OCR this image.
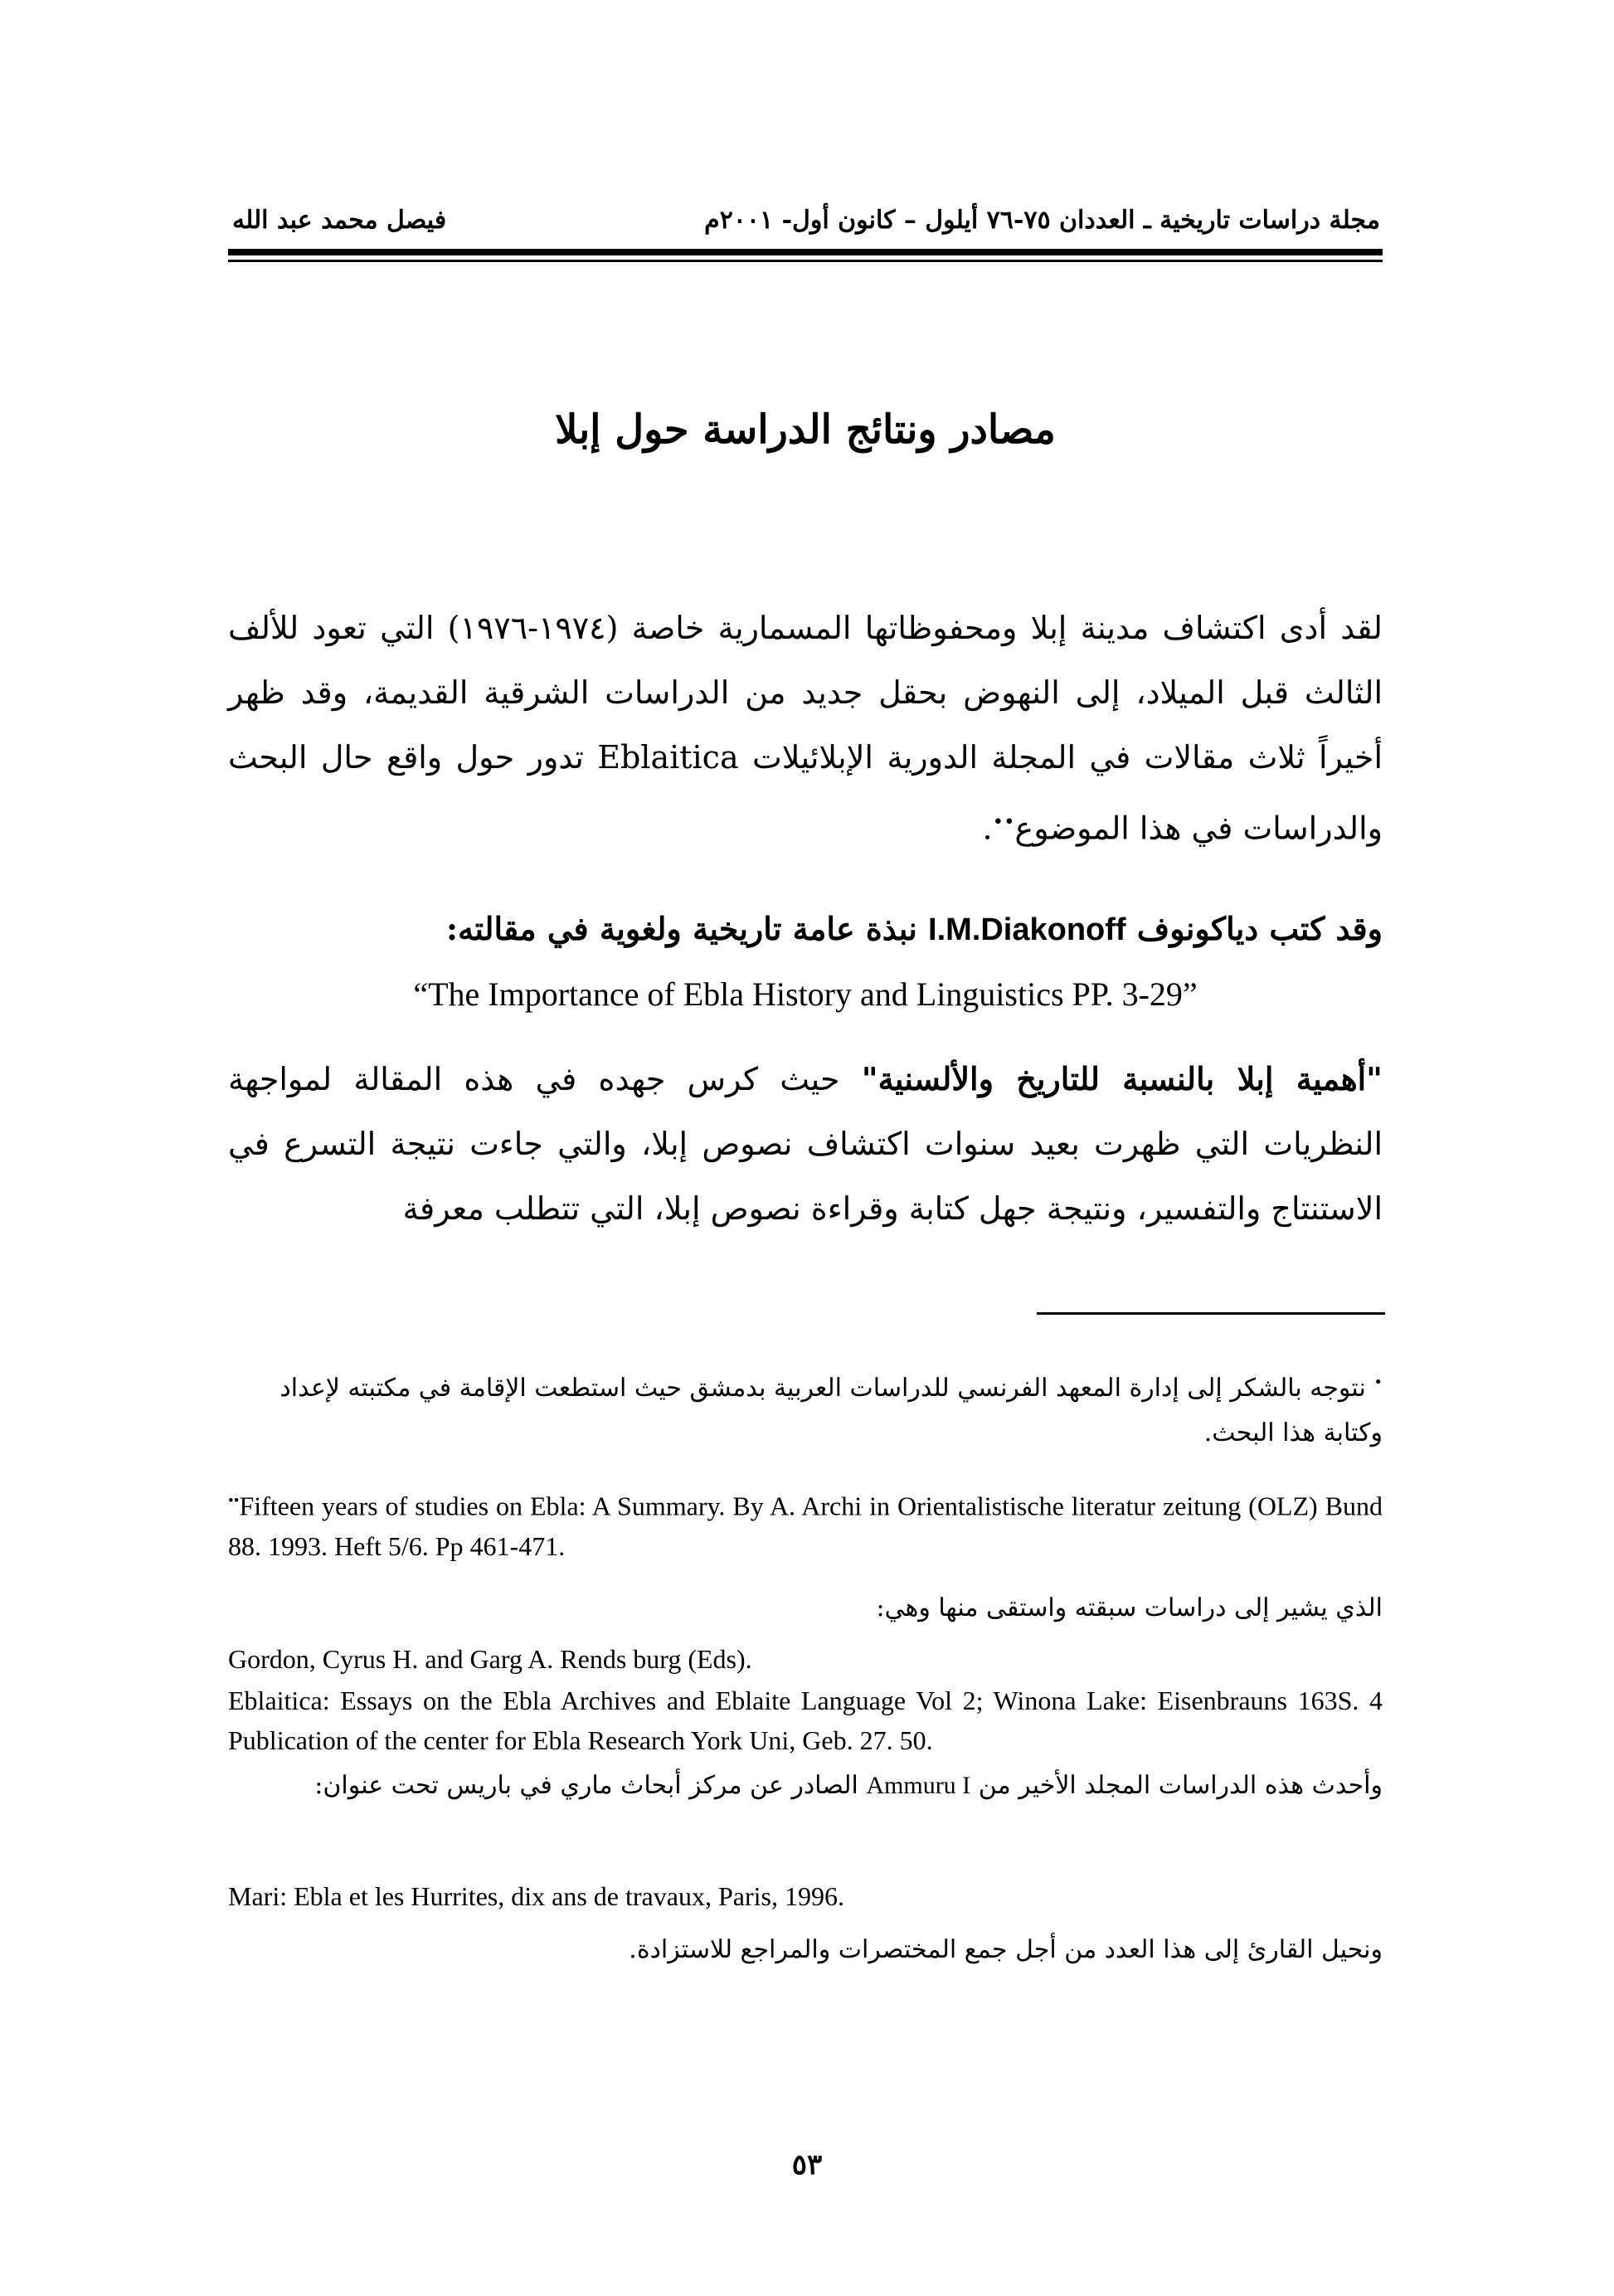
مجلة دراسات تاريخية ـ العددان ٧٥-٧٦ أيلول – كانون أول- ٢٠٠١م
فيصل محمد عبد الله
مصادر ونتائج الدراسة حول إبلا
لقد أدى اكتشاف مدينة إبلا ومحفوظاتها المسمارية خاصة (١٩٧٤-١٩٧٦) التي تعود للألف الثالث قبل الميلاد، إلى النهوض بحقل جديد من الدراسات الشرقية القديمة، وقد ظهر أخيراً ثلاث مقالات في المجلة الدورية الإبلائيلات Eblaitica تدور حول واقع حال البحث والدراسات في هذا الموضوع••.
وقد كتب دياكونوف I.M.Diakonoff نبذة عامة تاريخية ولغوية في مقالته:
“The Importance of Ebla History and Linguistics PP. 3-29”
"أهمية إبلا بالنسبة للتاريخ والألسنية" حيث كرس جهده في هذه المقالة لمواجهة النظريات التي ظهرت بعيد سنوات اكتشاف نصوص إبلا، والتي جاءت نتيجة التسرع في الاستنتاج والتفسير، ونتيجة جهل كتابة وقراءة نصوص إبلا، التي تتطلب معرفة
• نتوجه بالشكر إلى إدارة المعهد الفرنسي للدراسات العربية بدمشق حيث استطعت الإقامة في مكتبته لإعداد وكتابة هذا البحث.
••Fifteen years of studies on Ebla: A Summary. By A. Archi in Orientalistische literatur zeitung (OLZ) Bund 88. 1993. Heft 5/6. Pp 461-471.
الذي يشير إلى دراسات سبقته واستقى منها وهي:
Gordon, Cyrus H. and Garg A. Rends burg (Eds).
Eblaitica: Essays on the Ebla Archives and Eblaite Language Vol 2; Winona Lake: Eisenbrauns 163S. 4 Publication of the center for Ebla Research York Uni, Geb. 27. 50.
وأحدث هذه الدراسات المجلد الأخير من Ammuru I الصادر عن مركز أبحاث ماري في باريس تحت عنوان:
Mari: Ebla et les Hurrites, dix ans de travaux, Paris, 1996.
ونحيل القارئ إلى هذا العدد من أجل جمع المختصرات والمراجع للاستزادة.
٥٣
